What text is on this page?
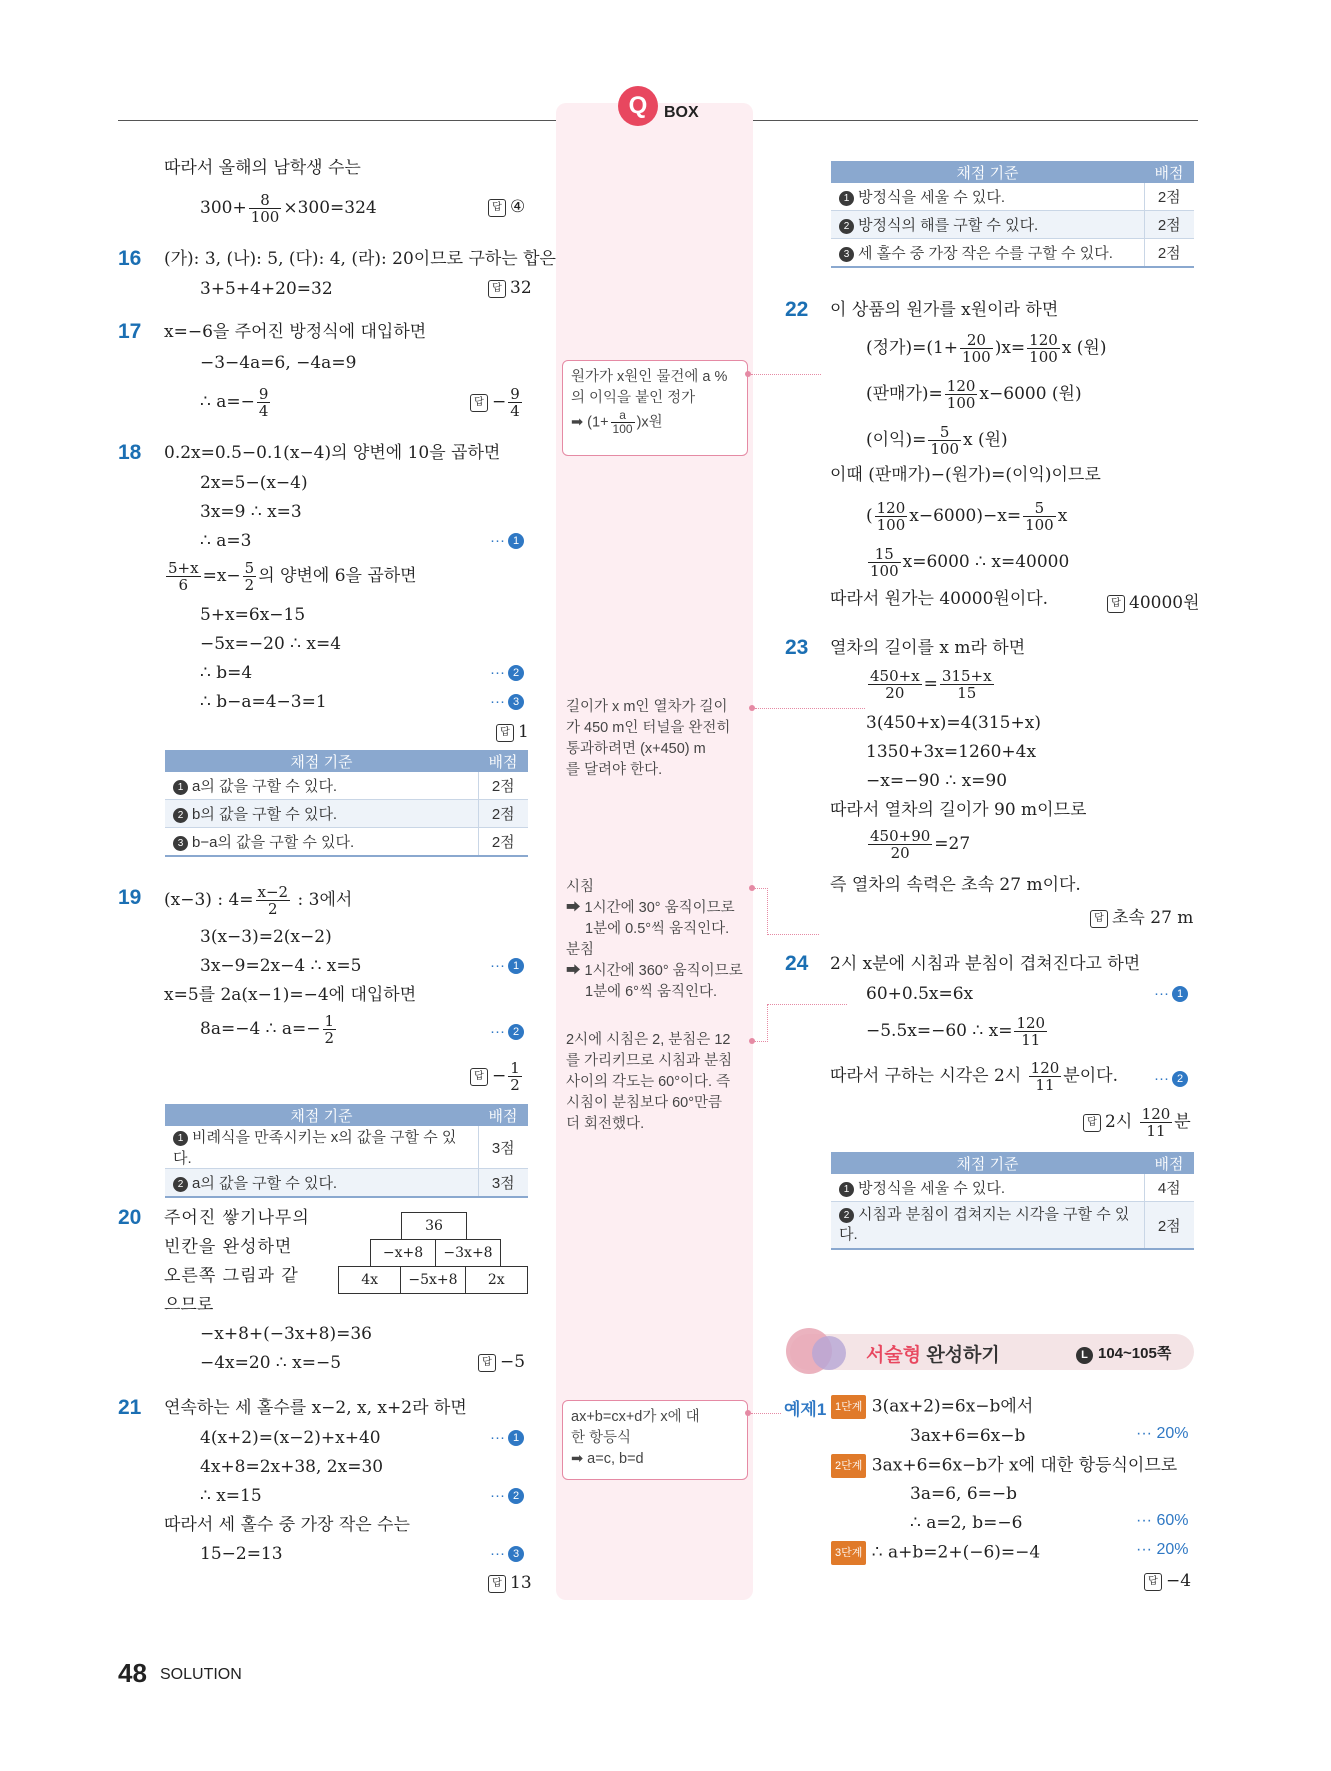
Q	BOX
따라서 올해의 남학생 수는
$300+ \frac{8}{100} \times 300=324$	답 ④
16 (가): 3, (나): 5, (다): 4, (라): 20이므로 구하는 합은
3+5+4+20=32	답 32
17 x=−6을 주어진 방정식에 대입하면
−3−4a=6, −4a=9
∴ $a=- \frac{9}{4}$	답 − $\frac{9}{4}$
18 0.2x=0.5−0.1(x−4)의 양변에 10을 곱하면
2x=5−(x−4)
3x=9 ∴ x=3
∴ a=3	··· 1
$\frac{5+x}{6} =x- \frac{5}{2}$ 의 양변에 6을 곱하면
5+x=6x−15
−5x=−20 ∴ x=4
∴ b=4	··· 2
∴ b−a=4−3=1	··· 3
답 1
채점 기준	배점
1 a의 값을 구할 수 있다.	2점
2 b의 값을 구할 수 있다.	2점
3 b−a의 값을 구할 수 있다.	2점
19 (x−3) : $4= \frac{x-2}{2}$ : 3에서
3(x−3)=2(x−2)
3x−9=2x−4 ∴ x=5	··· 1
x=5를 2a(x−1)=−4에 대입하면
8a=−4 ∴ $a=- \frac{1}{2}$	··· 2
답 − $\frac{1}{2}$
채점 기준	배점
1 비례식을 만족시키는 x의 값을 구할 수 있다.	3점
2 a의 값을 구할 수 있다.	3점
20 주어진 쌓기나무의
빈칸을 완성하면
오른쪽 그림과 같
으므로
36
−x+8	−3x+8
4x	−5x+8	2x
−x+8+(−3x+8)=36
−4x=20 ∴ x=−5	답 −5
21 연속하는 세 홀수를 x−2, x, x+2라 하면
4(x+2)=(x−2)+x+40	··· 1
4x+8=2x+38, 2x=30
∴ x=15	··· 2
따라서 세 홀수 중 가장 작은 수는
15−2=13	··· 3
답 13
원가가 x원인 물건에 a %
의 이익을 붙인 정가
➡ $(1+ \frac{a}{100} )x$원
길이가 x m인 열차가 길이
가 450 m인 터널을 완전히
통과하려면 (x+450) m
를 달려야 한다.
시침
➡ 1시간에 30° 움직이므로
1분에 0.5°씩 움직인다.
분침
➡ 1시간에 360° 움직이므로
1분에 6°씩 움직인다.
2시에 시침은 2, 분침은 12
를 가리키므로 시침과 분침
사이의 각도는 60°이다. 즉
시침이 분침보다 60°만큼
더 회전했다.
ax+b=cx+d가 x에 대
한 항등식
➡ a=c, b=d
채점 기준	배점
1 방정식을 세울 수 있다.	2점
2 방정식의 해를 구할 수 있다.	2점
3 세 홀수 중 가장 작은 수를 구할 수 있다.	2점
22 이 상품의 원가를 x원이라 하면
(정가)$=(1+ \frac{20}{100} )x= \frac{120}{100}$ x (원)
(판매가)= $\frac{120}{100} x-6000$ (원)
(이익)= $\frac{5}{100}$ x (원)
이때 (판매가)−(원가)=(이익)이므로
( $\frac{120}{100} x-6000)-x= \frac{5}{100}$ x
$\frac{15}{100} x=6000$ ∴ x=40000
따라서 원가는 40000원이다.	답 40000원
23 열차의 길이를 x m라 하면
$\frac{450+x}{20} = \frac{315+x}{15}$
3(450+x)=4(315+x)
1350+3x=1260+4x
−x=−90 ∴ x=90
따라서 열차의 길이가 90 m이므로
$\frac{450+90}{20} =27$
즉 열차의 속력은 초속 27 m이다.
답 초속 27 m
24 2시 x분에 시침과 분침이 겹쳐진다고 하면
60+0.5x=6x	··· 1
−5.5x=−60 ∴ $x= \frac{120}{11}$
따라서 구하는 시각은 2시 $\frac{120}{11}$ 분이다. ··· 2
답 2시 $\frac{120}{11}$ 분
채점 기준	배점
1 방정식을 세울 수 있다.	4점
2 시침과 분침이 겹쳐지는 시각을 구할 수 있다.	2점
서술형 완성하기	L 104~105쪽
예제1 1단계 3(ax+2)=6x−b에서
3ax+6=6x−b	··· 20%
2단계 3ax+6=6x−b가 x에 대한 항등식이므로
3a=6, 6=−b
∴ a=2, b=−6	··· 60%
3단계 ∴ a+b=2+(−6)=−4	··· 20%
답 −4
48 SOLUTION
